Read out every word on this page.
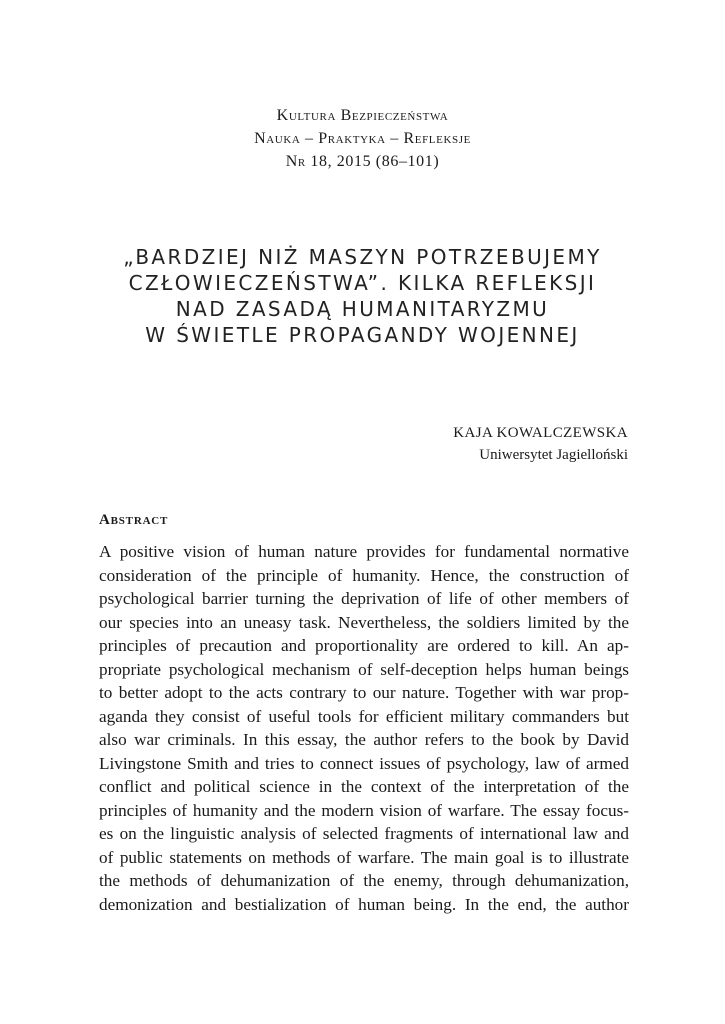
Kultura Bezpieczeństwa
Nauka – Praktyka – Refleksje
Nr 18, 2015 (86–101)
„BARDZIEJ NIŻ MASZYN POTRZEBUJEMY
CZŁOWIECZEŃSTWA”. KILKA REFLEKSJI
NAD ZASADĄ HUMANITARYZMU
W ŚWIETLE PROPAGANDY WOJENNEJ
KAJA KOWALCZEWSKA
Uniwersytet Jagielloński
Abstract
A positive vision of human nature provides for fundamental normative
consideration of the principle of humanity. Hence, the construction of
psychological barrier turning the deprivation of life of other members of
our species into an uneasy task. Nevertheless, the soldiers limited by the
principles of precaution and proportionality are ordered to kill. An ap-
propriate psychological mechanism of self-deception helps human beings
to better adopt to the acts contrary to our nature. Together with war prop-
aganda they consist of useful tools for efficient military commanders but
also war criminals. In this essay, the author refers to the book by David
Livingstone Smith and tries to connect issues of psychology, law of armed
conflict and political science in the context of the interpretation of the
principles of humanity and the modern vision of warfare. The essay focus-
es on the linguistic analysis of selected fragments of international law and
of public statements on methods of warfare. The main goal is to illustrate
the methods of dehumanization of the enemy, through dehumanization,
demonization and bestialization of human being. In the end, the author
